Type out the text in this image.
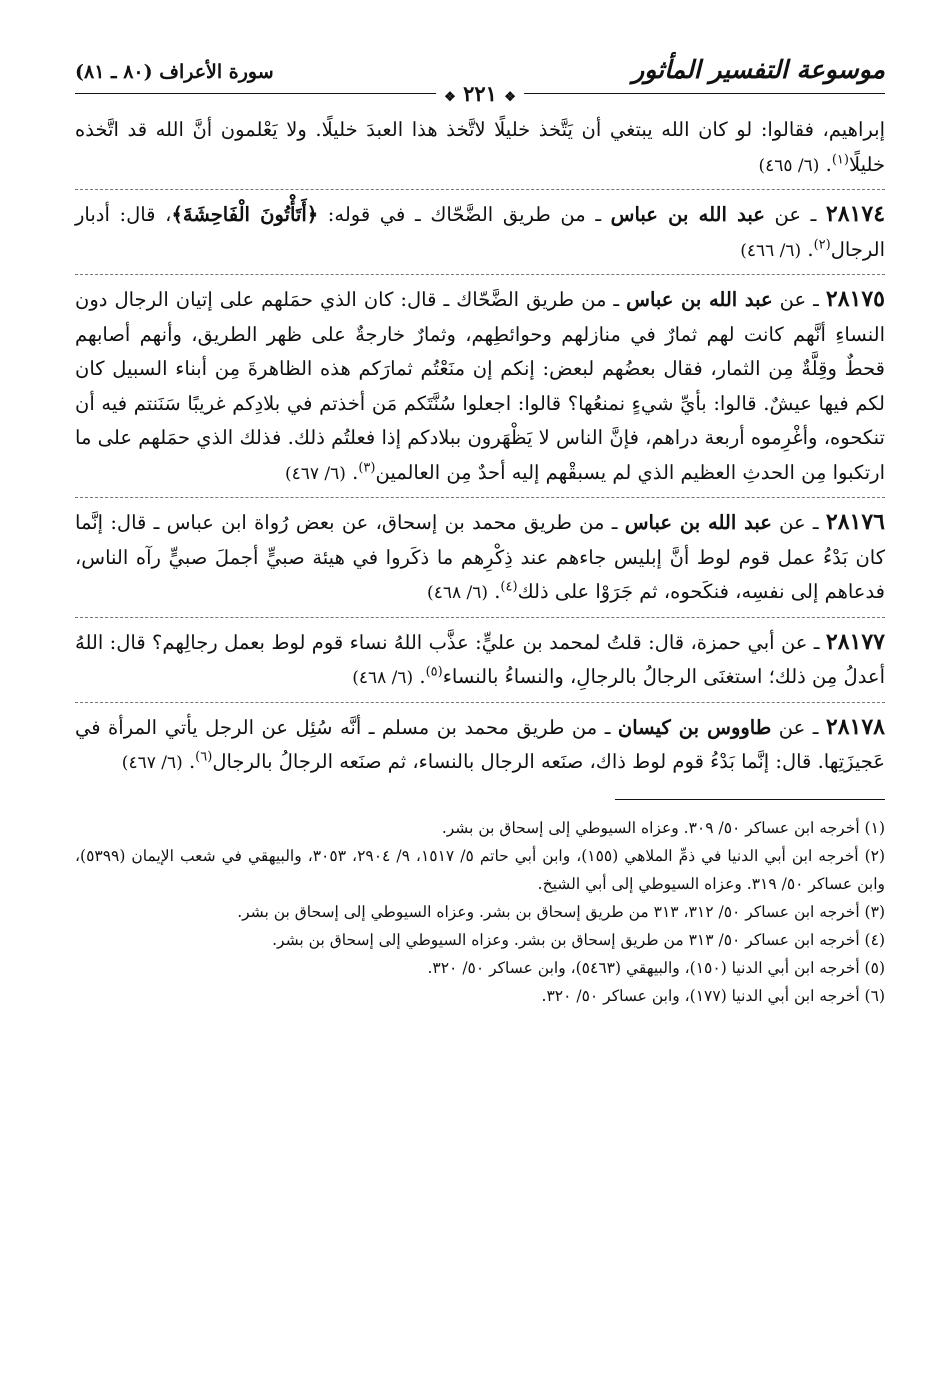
موسوعة التفسير المأثور
سورة الأعراف (٨٠ ـ ٨١)
❖ ٢٢١ ❖

إبراهيم، فقالوا: لو كان الله يبتغي أن يَتَّخذ خليلًا لاتَّخذ هذا العبدَ خليلًا. ولا يَعْلمون أنَّ الله قد اتَّخذه خليلًا$^{(١)}$. (٦/ ٤٦٥)

٢٨١٧٤ ـ عن عبد الله بن عباس ـ من طريق الضَّحّاك ـ في قوله: ﴿أَتَأْتُونَ الْفَاحِشَةَ﴾، قال: أدبار الرجال$^{(٢)}$. (٦/ ٤٦٦)

٢٨١٧٥ ـ عن عبد الله بن عباس ـ من طريق الضَّحّاك ـ قال: كان الذي حمَلهم على إتيان الرجال دون النساءِ أنَّهم كانت لهم ثمارٌ في منازلهم وحوائطِهم، وثمارٌ خارجةٌ على ظهر الطريق، وأنهم أصابهم قحطٌ وقِلَّةٌ مِن الثمار، فقال بعضُهم لبعض: إنكم إن منَعْتُم ثمارَكم هذه الظاهرةَ مِن أبناء السبيل كان لكم فيها عيشٌ. قالوا: بأيِّ شيءٍ نمنعُها؟ قالوا: اجعلوا سُنَّتَكم مَن أخذتم في بلادِكم غريبًا سَنَنتم فيه أن تنكحوه، وأغْرِموه أربعة دراهم، فإنَّ الناس لا يَظْهَرون ببلادكم إذا فعلتُم ذلك. فذلك الذي حمَلهم على ما ارتكبوا مِن الحدثِ العظيم الذي لم يسبقْهم إليه أحدٌ مِن العالمين$^{(٣)}$. (٦/ ٤٦٧)

٢٨١٧٦ ـ عن عبد الله بن عباس ـ من طريق محمد بن إسحاق، عن بعض رُواة ابن عباس ـ قال: إنَّما كان بَدْءُ عمل قوم لوط أنَّ إبليس جاءهم عند ذِكْرِهم ما ذكَروا في هيئة صبيٍّ أجملَ صبيٍّ رآه الناس، فدعاهم إلى نفسِه، فنكَحوه، ثم جَرَوْا على ذلك$^{(٤)}$. (٦/ ٤٦٨)

٢٨١٧٧ ـ عن أبي حمزة، قال: قلتُ لمحمد بن عليٍّ: عذَّب اللهُ نساء قوم لوط بعمل رجالِهم؟ قال: اللهُ أعدلُ مِن ذلك؛ استغنَى الرجالُ بالرجالِ، والنساءُ بالنساء$^{(٥)}$. (٦/ ٤٦٨)

٢٨١٧٨ ـ عن طاووس بن كيسان ـ من طريق محمد بن مسلم ـ أنَّه سُئِل عن الرجل يأتي المرأة في عَجيزَتِها. قال: إنَّما بَدْءُ قوم لوط ذاك، صنَعه الرجال بالنساء، ثم صنَعه الرجالُ بالرجال$^{(٦)}$. (٦/ ٤٦٧)

(١) أخرجه ابن عساكر ٥٠/ ٣٠٩. وعزاه السيوطي إلى إسحاق بن بشر.

(٢) أخرجه ابن أبي الدنيا في ذمِّ الملاهي (١٥٥)، وابن أبي حاتم ٥/ ١٥١٧، ٩/ ٢٩٠٤، ٣٠٥٣، والبيهقي في شعب الإيمان (٥٣٩٩)، وابن عساكر ٥٠/ ٣١٩. وعزاه السيوطي إلى أبي الشيخ.

(٣) أخرجه ابن عساكر ٥٠/ ٣١٢، ٣١٣ من طريق إسحاق بن بشر. وعزاه السيوطي إلى إسحاق بن بشر.

(٤) أخرجه ابن عساكر ٥٠/ ٣١٣ من طريق إسحاق بن بشر. وعزاه السيوطي إلى إسحاق بن بشر.

(٥) أخرجه ابن أبي الدنيا (١٥٠)، والبيهقي (٥٤٦٣)، وابن عساكر ٥٠/ ٣٢٠.

(٦) أخرجه ابن أبي الدنيا (١٧٧)، وابن عساكر ٥٠/ ٣٢٠.
